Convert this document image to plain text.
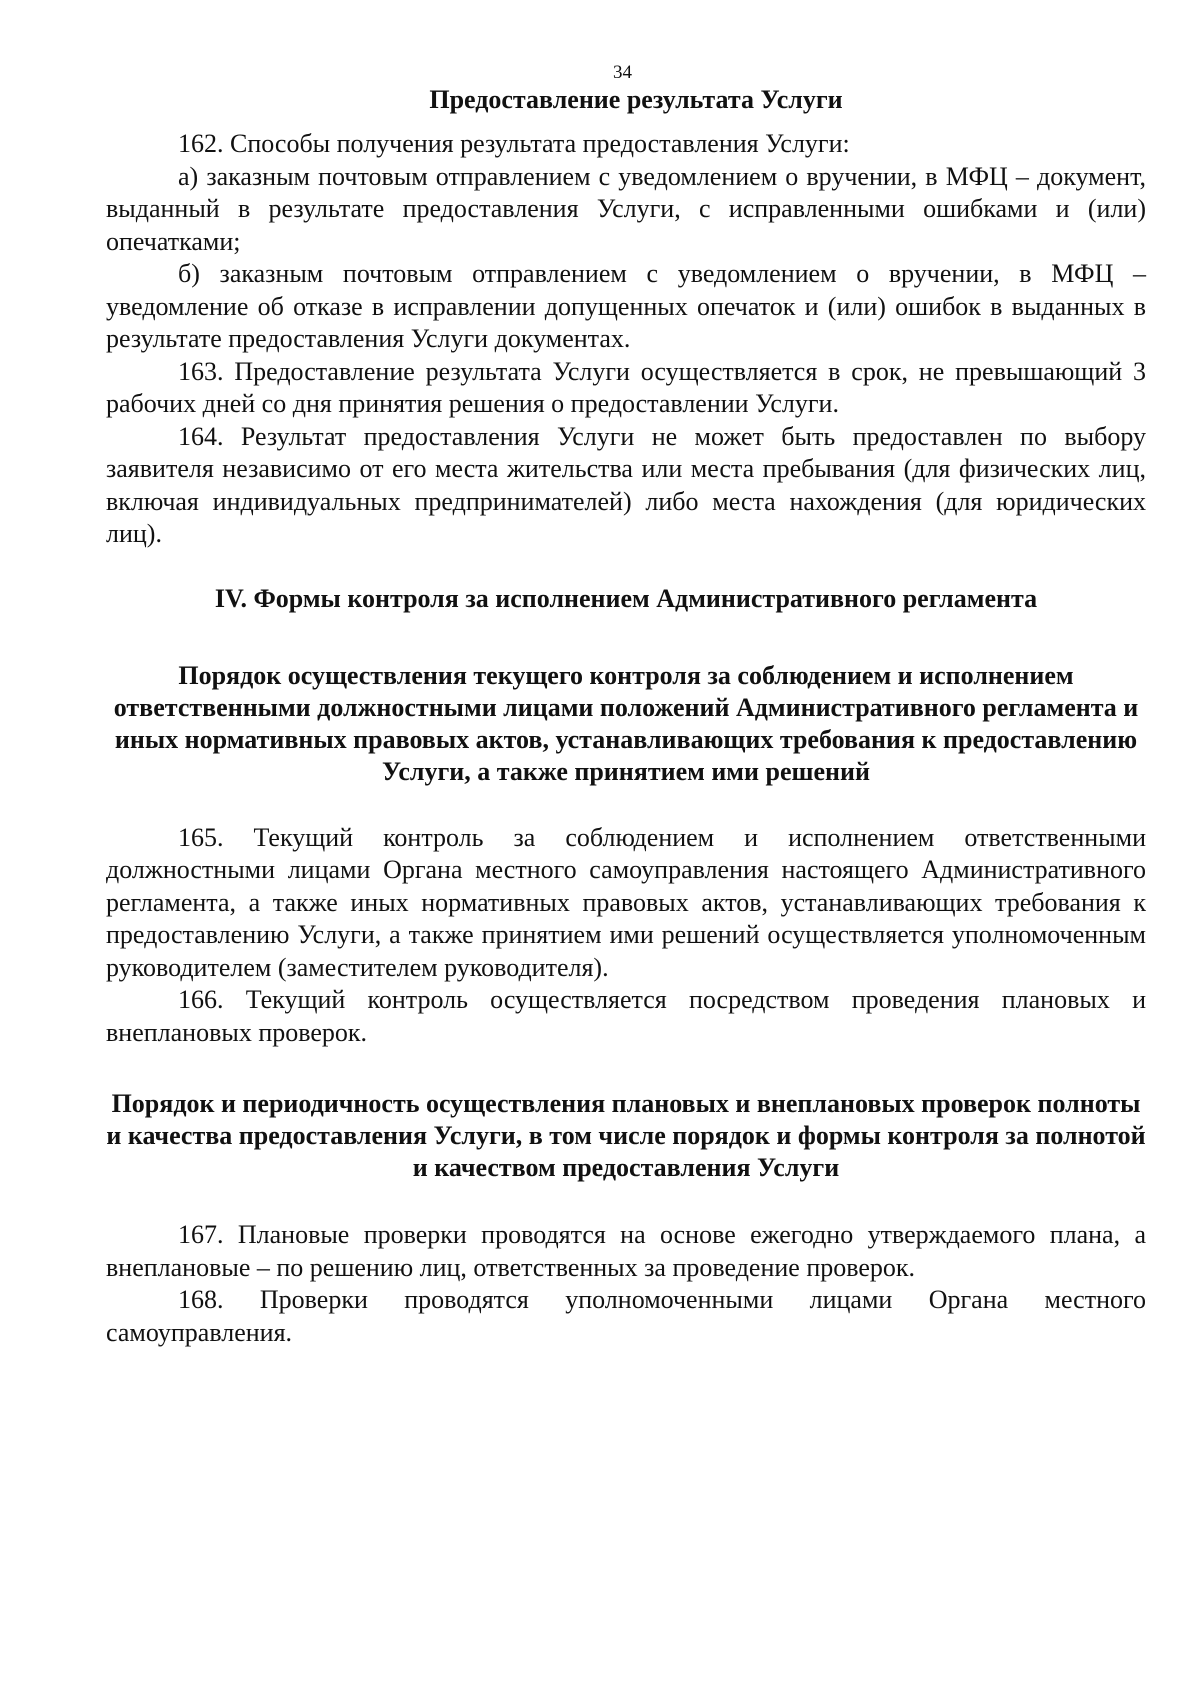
34
Предоставление результата Услуги

162. Способы получения результата предоставления Услуги:

а) заказным почтовым отправлением с уведомлением о вручении, в МФЦ – документ, выданный в результате предоставления Услуги, с исправленными ошибками и (или) опечатками;

б) заказным почтовым отправлением с уведомлением о вручении, в МФЦ – уведомление об отказе в исправлении допущенных опечаток и (или) ошибок в выданных в результате предоставления Услуги документах.

163. Предоставление результата Услуги осуществляется в срок, не превышающий 3 рабочих дней со дня принятия решения о предоставлении Услуги.

164. Результат предоставления Услуги не может быть предоставлен по выбору заявителя независимо от его места жительства или места пребывания (для физических лиц, включая индивидуальных предпринимателей) либо места нахождения (для юридических лиц).

IV. Формы контроля за исполнением Административного регламента
Порядок осуществления текущего контроля за соблюдением и исполнением ответственными должностными лицами положений Административного регламента и иных нормативных правовых актов, устанавливающих требования к предоставлению Услуги, а также принятием ими решений

165. Текущий контроль за соблюдением и исполнением ответственными должностными лицами Органа местного самоуправления настоящего Административного регламента, а также иных нормативных правовых актов, устанавливающих требования к предоставлению Услуги, а также принятием ими решений осуществляется уполномоченным руководителем (заместителем руководителя).

166. Текущий контроль осуществляется посредством проведения плановых и внеплановых проверок.

Порядок и периодичность осуществления плановых и внеплановых проверок полноты и качества предоставления Услуги, в том числе порядок и формы контроля за полнотой и качеством предоставления Услуги

167. Плановые проверки проводятся на основе ежегодно утверждаемого плана, а внеплановые – по решению лиц, ответственных за проведение проверок.

168. Проверки проводятся уполномоченными лицами Органа местного самоуправления.
